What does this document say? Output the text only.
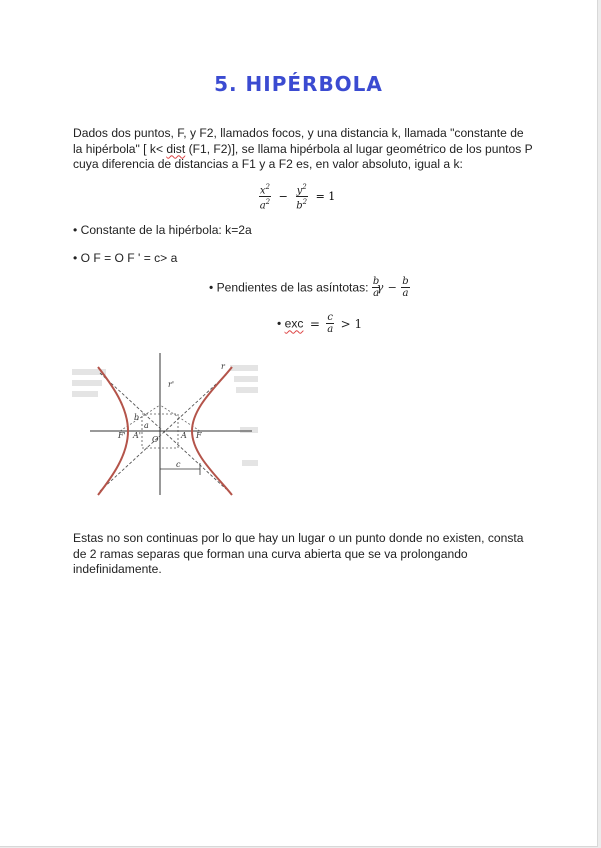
5. HIPÉRBOLA
Dados dos puntos, F, y F2, llamados focos, y una distancia k, llamada "constante de la hipérbola" [ k< dist (F1, F2)], se llama hipérbola al lugar geométrico de los puntos P cuya diferencia de distancias a F1 y a F2 es, en valor absoluto, igual a k:
$\frac{x^2}{a^2} - \frac{y^2}{b^2} = 1$
• Constante de la hipérbola: k=2a
• O F = O F ' = c> a
• Pendientes de las asíntotas: $\frac{b}{a}$
$\gamma - \frac{b}{a}$
• exc = $\frac{c}{a} > 1$
F' A' O	A F
r
r'
b
a
c
Estas no son continuas por lo que hay un lugar o un punto donde no existen, consta de 2 ramas separas que forman una curva abierta que se va prolongando indefinidamente.
